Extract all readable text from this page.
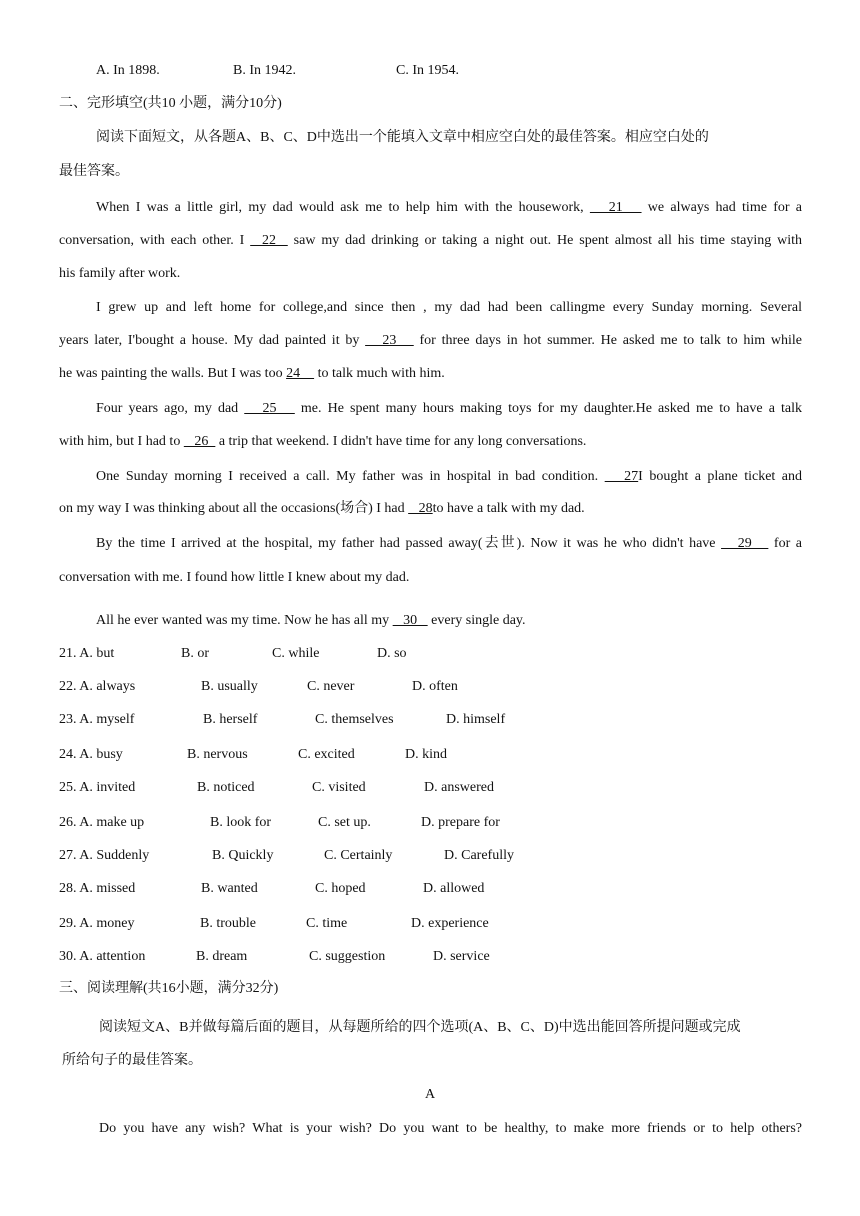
A. In 1898.	B. In 1942.	C. In 1954.
二、完形填空(共10 小题，满分10分)
阅读下面短文，从各题A、B、C、D中选出一个能填入文章中相应空白处的最佳答案。相应空白处的
最佳答案。
When I was a little girl, my dad would ask me to help him with the housework,    21    we always had time for a
conversation, with each other. I   22   saw my dad drinking or taking a night out. He spent almost all his time staying with
his family after work.
I grew up and left home for college,and since then , my dad had been callingme every Sunday morning. Several
years later, I'bought a house. My dad painted it by    23    for three days in hot summer. He asked me to talk to him while
he was painting the walls. But I was too 24     to talk much with him.
Four years ago, my dad    25    me. He spent many hours making toys for my daughter.He asked me to have a talk
with him, but I had to    26   a trip that weekend. I didn't have time for any long conversations.
One Sunday morning I received a call. My father was in hospital in bad condition.    27I bought a plane ticket and
on my way I was thinking about all the occasions(场合) I had    28to have a talk with my dad.
By the time I arrived at the hospital, my father had passed away(去世). Now it was he who didn't have    29    for a
conversation with me. I found how little I knew about my dad.
All he ever wanted was my time. Now he has all my    30    every single day.
21. A. but	B. or	C. while	D. so
22. A. always	B. usually	C. never	D. often
23. A. myself	B. herself	C. themselves	D. himself
24. A. busy	B. nervous	C. excited	D. kind
25. A. invited	B. noticed	C. visited	D. answered
26. A. make up	B. look for	C. set up.	D. prepare for
27. A. Suddenly	B. Quickly	C. Certainly	D. Carefully
28. A. missed	B. wanted	C. hoped	D. allowed
29. A. money	B. trouble	C. time	D. experience
30. A. attention	B. dream	C. suggestion	D. service
三、阅读理解(共16小题，满分32分)
阅读短文A、B并做每篇后面的题目，从每题所给的四个选项(A、B、C、D)中选出能回答所提问题或完成
所给句子的最佳答案。
A
Do you have any wish? What is your wish? Do you want to be healthy, to make more friends or to help others?
